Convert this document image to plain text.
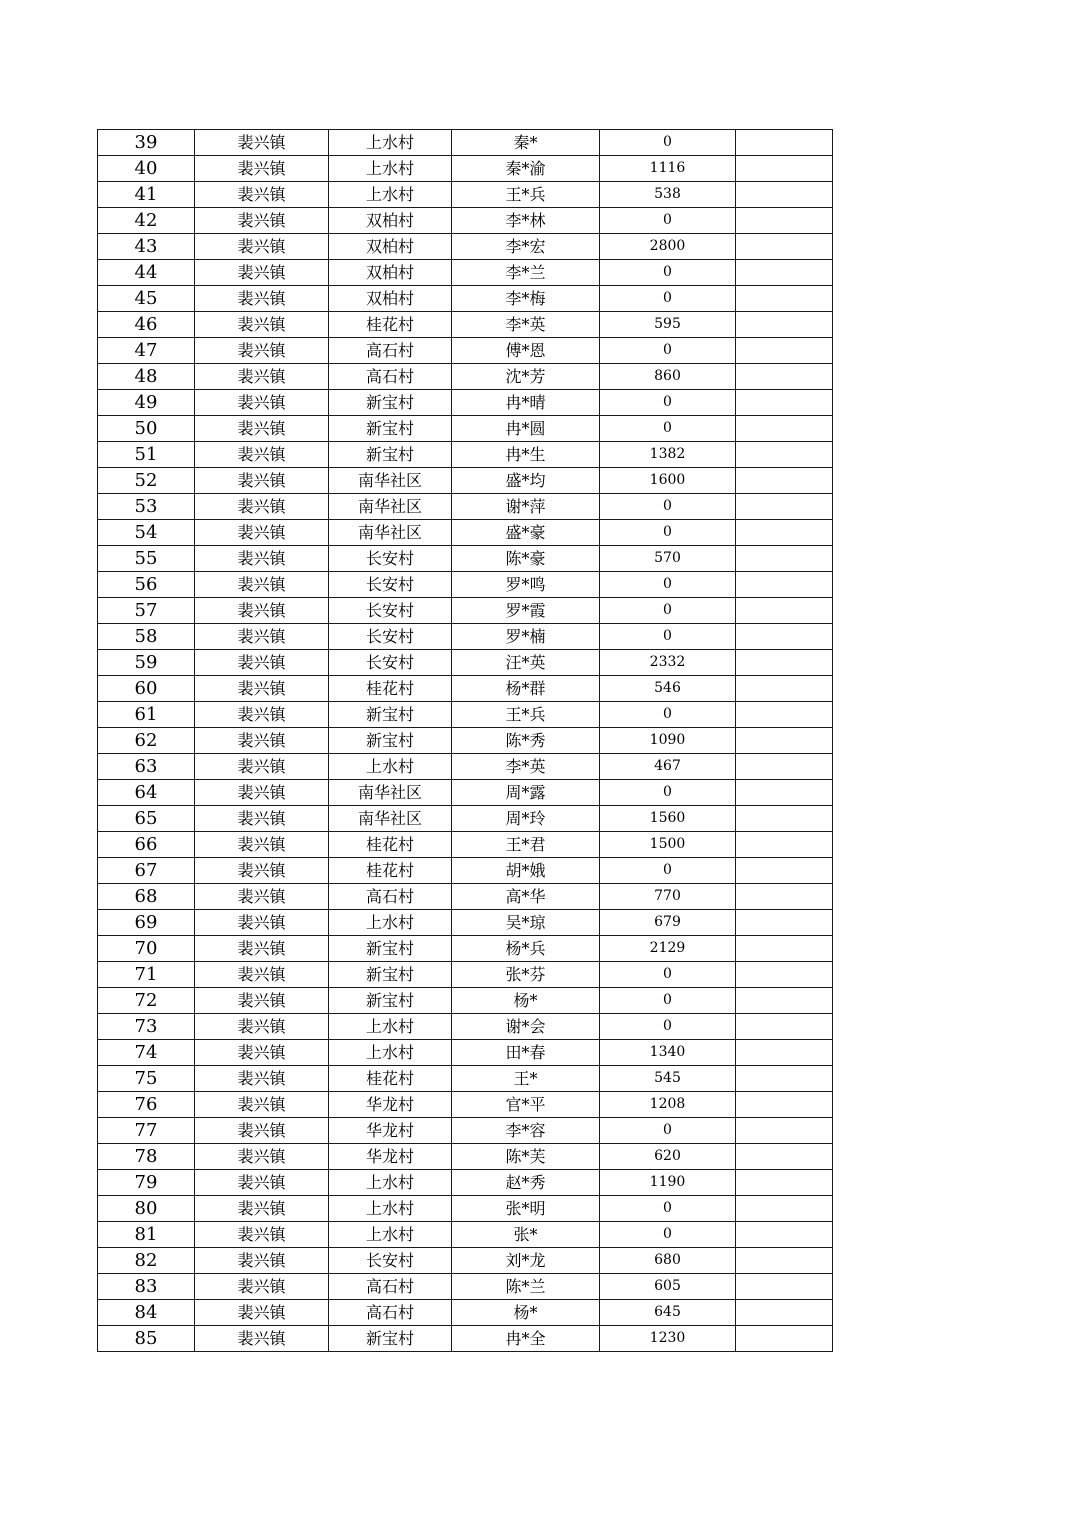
39	裴兴镇	上水村	秦*	0	
40	裴兴镇	上水村	秦*渝	1116	
41	裴兴镇	上水村	王*兵	538	
42	裴兴镇	双柏村	李*林	0	
43	裴兴镇	双柏村	李*宏	2800	
44	裴兴镇	双柏村	李*兰	0	
45	裴兴镇	双柏村	李*梅	0	
46	裴兴镇	桂花村	李*英	595	
47	裴兴镇	高石村	傅*恩	0	
48	裴兴镇	高石村	沈*芳	860	
49	裴兴镇	新宝村	冉*晴	0	
50	裴兴镇	新宝村	冉*圆	0	
51	裴兴镇	新宝村	冉*生	1382	
52	裴兴镇	南华社区	盛*均	1600	
53	裴兴镇	南华社区	谢*萍	0	
54	裴兴镇	南华社区	盛*豪	0	
55	裴兴镇	长安村	陈*豪	570	
56	裴兴镇	长安村	罗*鸣	0	
57	裴兴镇	长安村	罗*霞	0	
58	裴兴镇	长安村	罗*楠	0	
59	裴兴镇	长安村	汪*英	2332	
60	裴兴镇	桂花村	杨*群	546	
61	裴兴镇	新宝村	王*兵	0	
62	裴兴镇	新宝村	陈*秀	1090	
63	裴兴镇	上水村	李*英	467	
64	裴兴镇	南华社区	周*露	0	
65	裴兴镇	南华社区	周*玲	1560	
66	裴兴镇	桂花村	王*君	1500	
67	裴兴镇	桂花村	胡*娥	0	
68	裴兴镇	高石村	高*华	770	
69	裴兴镇	上水村	吴*琼	679	
70	裴兴镇	新宝村	杨*兵	2129	
71	裴兴镇	新宝村	张*芬	0	
72	裴兴镇	新宝村	杨*	0	
73	裴兴镇	上水村	谢*会	0	
74	裴兴镇	上水村	田*春	1340	
75	裴兴镇	桂花村	王*	545	
76	裴兴镇	华龙村	官*平	1208	
77	裴兴镇	华龙村	李*容	0	
78	裴兴镇	华龙村	陈*芙	620	
79	裴兴镇	上水村	赵*秀	1190	
80	裴兴镇	上水村	张*明	0	
81	裴兴镇	上水村	张*	0	
82	裴兴镇	长安村	刘*龙	680	
83	裴兴镇	高石村	陈*兰	605	
84	裴兴镇	高石村	杨*	645	
85	裴兴镇	新宝村	冉*全	1230	
